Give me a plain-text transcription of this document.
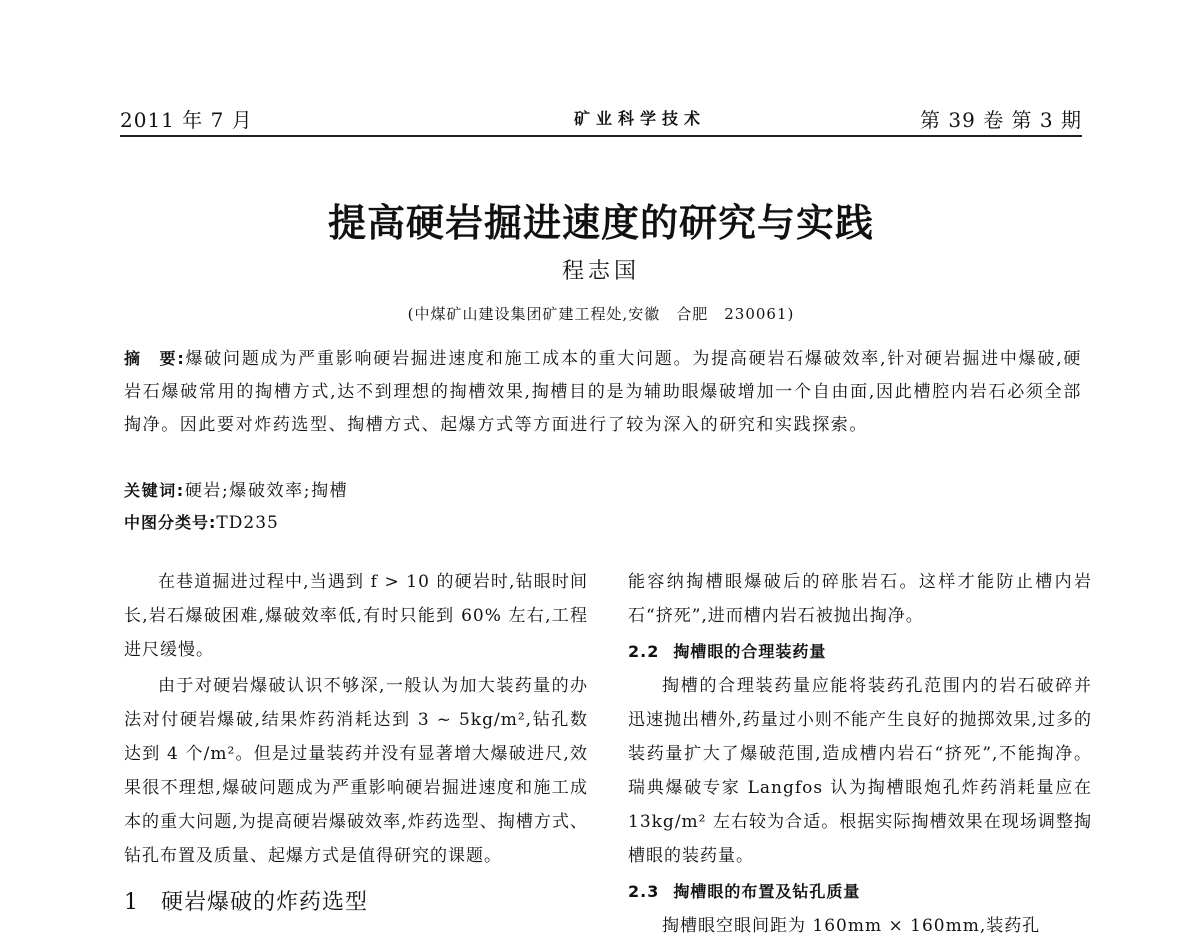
2011 年 7 月	矿业科学技术	第 39 卷 第 3 期
提高硬岩掘进速度的研究与实践
程志国
(中煤矿山建设集团矿建工程处,安徽　合肥　230061)
摘　要:爆破问题成为严重影响硬岩掘进速度和施工成本的重大问题。为提高硬岩石爆破效率,针对硬岩掘进中爆破,硬岩石爆破常用的掏槽方式,达不到理想的掏槽效果,掏槽目的是为辅助眼爆破增加一个自由面,因此槽腔内岩石必须全部掏净。因此要对炸药选型、掏槽方式、起爆方式等方面进行了较为深入的研究和实践探索。
关键词:硬岩;爆破效率;掏槽
中图分类号:TD235

在巷道掘进过程中,当遇到 f > 10 的硬岩时,钻眼时间长,岩石爆破困难,爆破效率低,有时只能到 60% 左右,工程进尺缓慢。

由于对硬岩爆破认识不够深,一般认为加大装药量的办法对付硬岩爆破,结果炸药消耗达到 3 ~ 5kg/m²,钻孔数达到 4 个/m²。但是过量装药并没有显著增大爆破进尺,效果很不理想,爆破问题成为严重影响硬岩掘进速度和施工成本的重大问题,为提高硬岩爆破效率,炸药选型、掏槽方式、钻孔布置及质量、起爆方式是值得研究的课题。

1 硬岩爆破的炸药选型

能容纳掏槽眼爆破后的碎胀岩石。这样才能防止槽内岩石“挤死”,进而槽内岩石被抛出掏净。

2.2 掏槽眼的合理装药量

掏槽的合理装药量应能将装药孔范围内的岩石破碎并迅速抛出槽外,药量过小则不能产生良好的抛掷效果,过多的装药量扩大了爆破范围,造成槽内岩石“挤死”,不能掏净。瑞典爆破专家 Langfos 认为掏槽眼炮孔炸药消耗量应在 13kg/m² 左右较为合适。根据实际掏槽效果在现场调整掏槽眼的装药量。

2.3 掏槽眼的布置及钻孔质量

掏槽眼空眼间距为 160mm × 160mm,装药孔
